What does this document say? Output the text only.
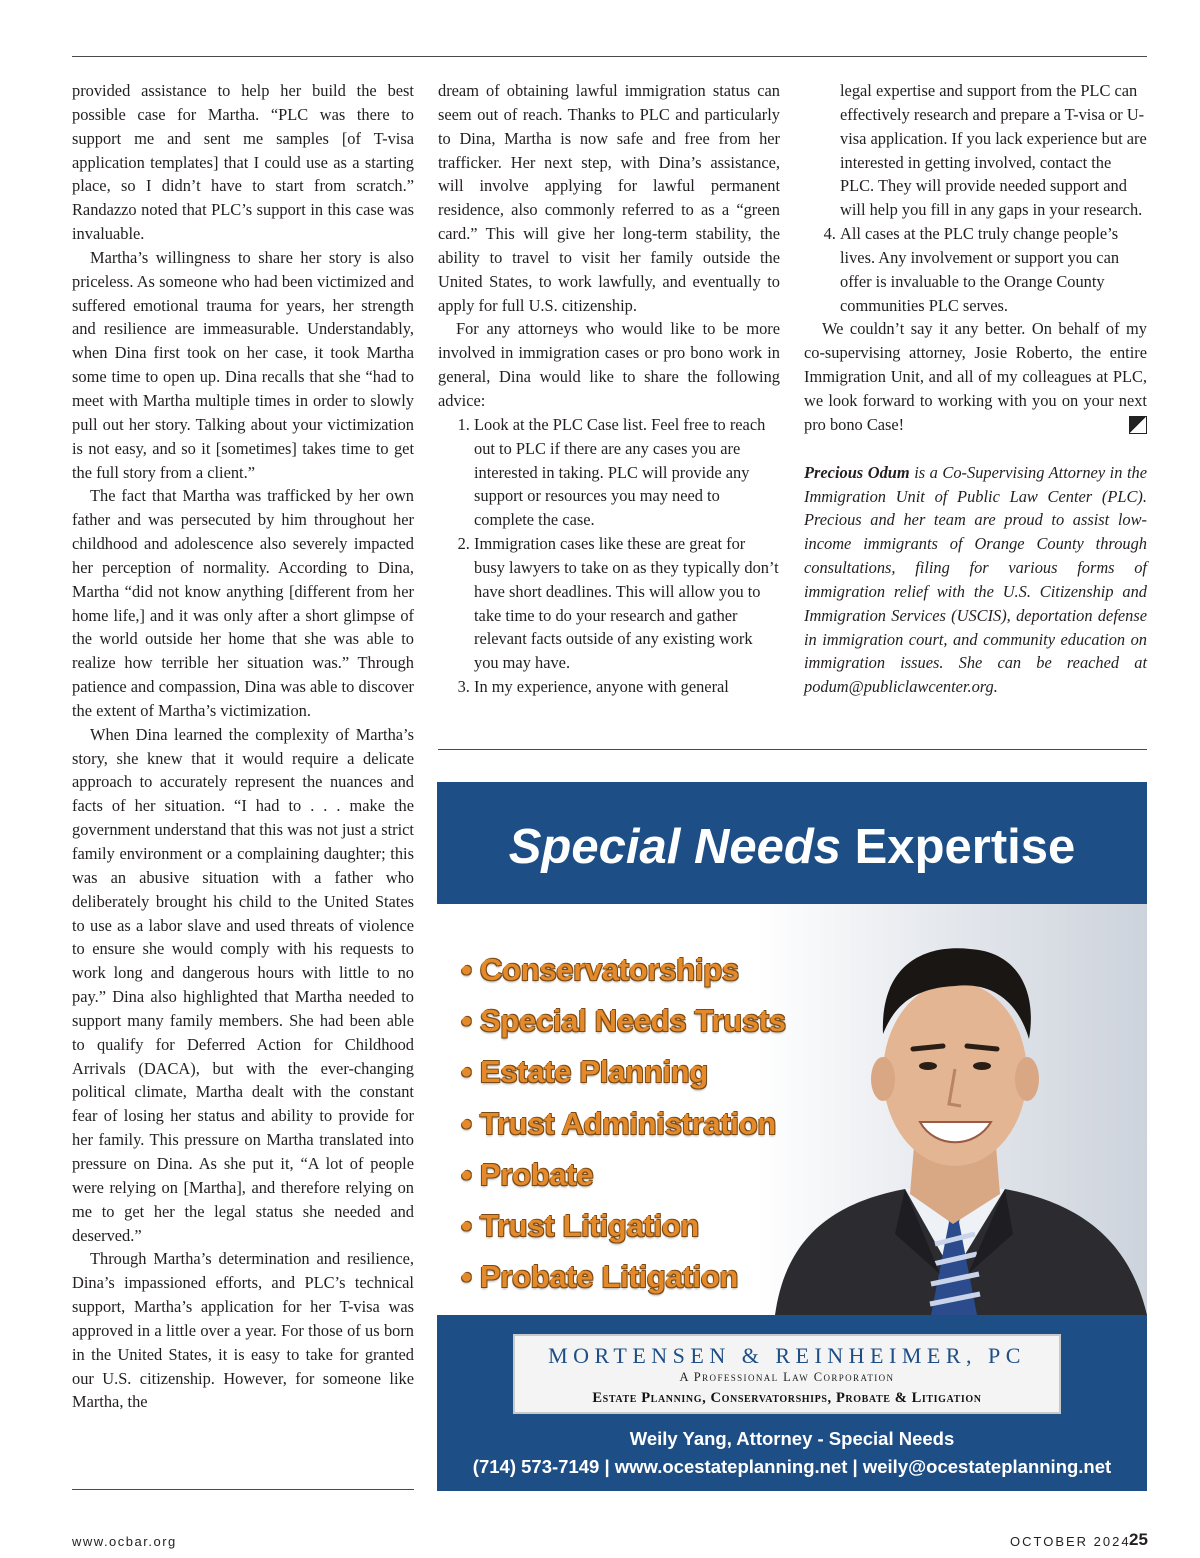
provided assistance to help her build the best possible case for Martha. “PLC was there to support me and sent me samples [of T-visa application templates] that I could use as a starting place, so I didn’t have to start from scratch.” Randazzo noted that PLC’s support in this case was invaluable.

Martha’s willingness to share her story is also priceless. As someone who had been victimized and suffered emotional trauma for years, her strength and resilience are immeasurable. Understandably, when Dina first took on her case, it took Martha some time to open up. Dina recalls that she “had to meet with Martha multiple times in order to slowly pull out her story. Talking about your victimization is not easy, and so it [sometimes] takes time to get the full story from a client.”

The fact that Martha was trafficked by her own father and was persecuted by him throughout her childhood and adolescence also severely impacted her perception of normality. According to Dina, Martha “did not know anything [different from her home life,] and it was only after a short glimpse of the world outside her home that she was able to realize how terrible her situation was.” Through patience and compassion, Dina was able to discover the extent of Martha’s victimization.

When Dina learned the complexity of Martha’s story, she knew that it would require a delicate approach to accurately represent the nuances and facts of her situation. “I had to . . . make the government understand that this was not just a strict family environment or a complaining daughter; this was an abusive situation with a father who deliberately brought his child to the United States to use as a labor slave and used threats of violence to ensure she would comply with his requests to work long and dangerous hours with little to no pay.” Dina also highlighted that Martha needed to support many family members. She had been able to qualify for Deferred Action for Childhood Arrivals (DACA), but with the ever-changing political climate, Martha dealt with the constant fear of losing her status and ability to provide for her family. This pressure on Martha translated into pressure on Dina. As she put it, “A lot of people were relying on [Martha], and therefore relying on me to get her the legal status she needed and deserved.”

Through Martha’s determination and resilience, Dina’s impassioned efforts, and PLC’s technical support, Martha’s application for her T-visa was approved in a little over a year. For those of us born in the United States, it is easy to take for granted our U.S. citizenship. However, for someone like Martha, the

dream of obtaining lawful immigration status can seem out of reach. Thanks to PLC and particularly to Dina, Martha is now safe and free from her trafficker. Her next step, with Dina’s assistance, will involve applying for lawful permanent residence, also commonly referred to as a “green card.” This will give her long-term stability, the ability to travel to visit her family outside the United States, to work lawfully, and eventually to apply for full U.S. citizenship.

For any attorneys who would like to be more involved in immigration cases or pro bono work in general, Dina would like to share the following advice:

1. Look at the PLC Case list. Feel free to reach out to PLC if there are any cases you are interested in taking. PLC will provide any support or resources you may need to complete the case.
2. Immigration cases like these are great for busy lawyers to take on as they typically don’t have short deadlines. This will allow you to take time to do your research and gather relevant facts outside of any existing work you may have.
3. In my experience, anyone with general
legal expertise and support from the PLC can effectively research and prepare a T-visa or U-visa application. If you lack experience but are interested in getting involved, contact the PLC. They will provide needed support and will help you fill in any gaps in your research.
4. All cases at the PLC truly change people’s lives. Any involvement or support you can offer is invaluable to the Orange County communities PLC serves.

We couldn’t say it any better. On behalf of my co-supervising attorney, Josie Roberto, the entire Immigration Unit, and all of my colleagues at PLC, we look forward to working with you on your next pro bono Case!

Precious Odum is a Co-Supervising Attorney in the Immigration Unit of Public Law Center (PLC). Precious and her team are proud to assist low-income immigrants of Orange County through consultations, filing for various forms of immigration relief with the U.S. Citizenship and Immigration Services (USCIS), deportation defense in immigration court, and community education on immigration issues. She can be reached at podum@publiclawcenter.org.

Special Needs Expertise
• Conservatorships
• Special Needs Trusts
• Estate Planning
• Trust Administration
• Probate
• Trust Litigation
• Probate Litigation
MORTENSEN & REINHEIMER, PC
A Professional Law Corporation
Estate Planning, Conservatorships, Probate & Litigation
Weily Yang, Attorney - Special Needs
(714) 573-7149 | www.ocestateplanning.net | weily@ocestateplanning.net
www.ocbar.org	OCTOBER 2024
25
